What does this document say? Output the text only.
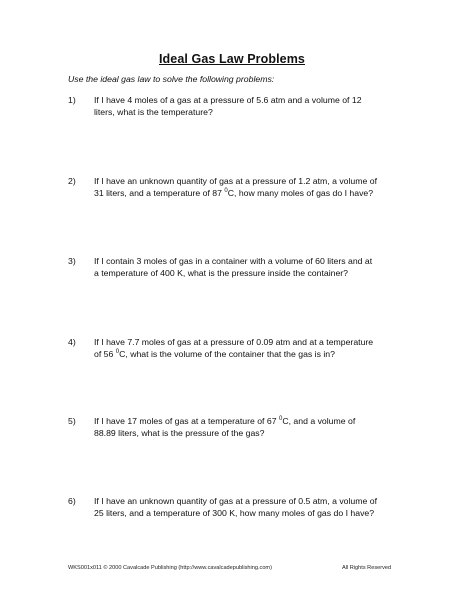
Ideal Gas Law Problems
Use the ideal gas law to solve the following problems:
1) If I have 4 moles of a gas at a pressure of 5.6 atm and a volume of 12
liters, what is the temperature?
2) If I have an unknown quantity of gas at a pressure of 1.2 atm, a volume of
31 liters, and a temperature of 87 $^0$C, how many moles of gas do I have?
3) If I contain 3 moles of gas in a container with a volume of 60 liters and at
a temperature of 400 K, what is the pressure inside the container?
4) If I have 7.7 moles of gas at a pressure of 0.09 atm and at a temperature
of 56 $^0$C, what is the volume of the container that the gas is in?
5) If I have 17 moles of gas at a temperature of 67 $^0$C, and a volume of
88.89 liters, what is the pressure of the gas?
6) If I have an unknown quantity of gas at a pressure of 0.5 atm, a volume of
25 liters, and a temperature of 300 K, how many moles of gas do I have?
WKS001x011 © 2000 Cavalcade Publishing (http://www.cavalcadepublishing.com)	All Rights Reserved
